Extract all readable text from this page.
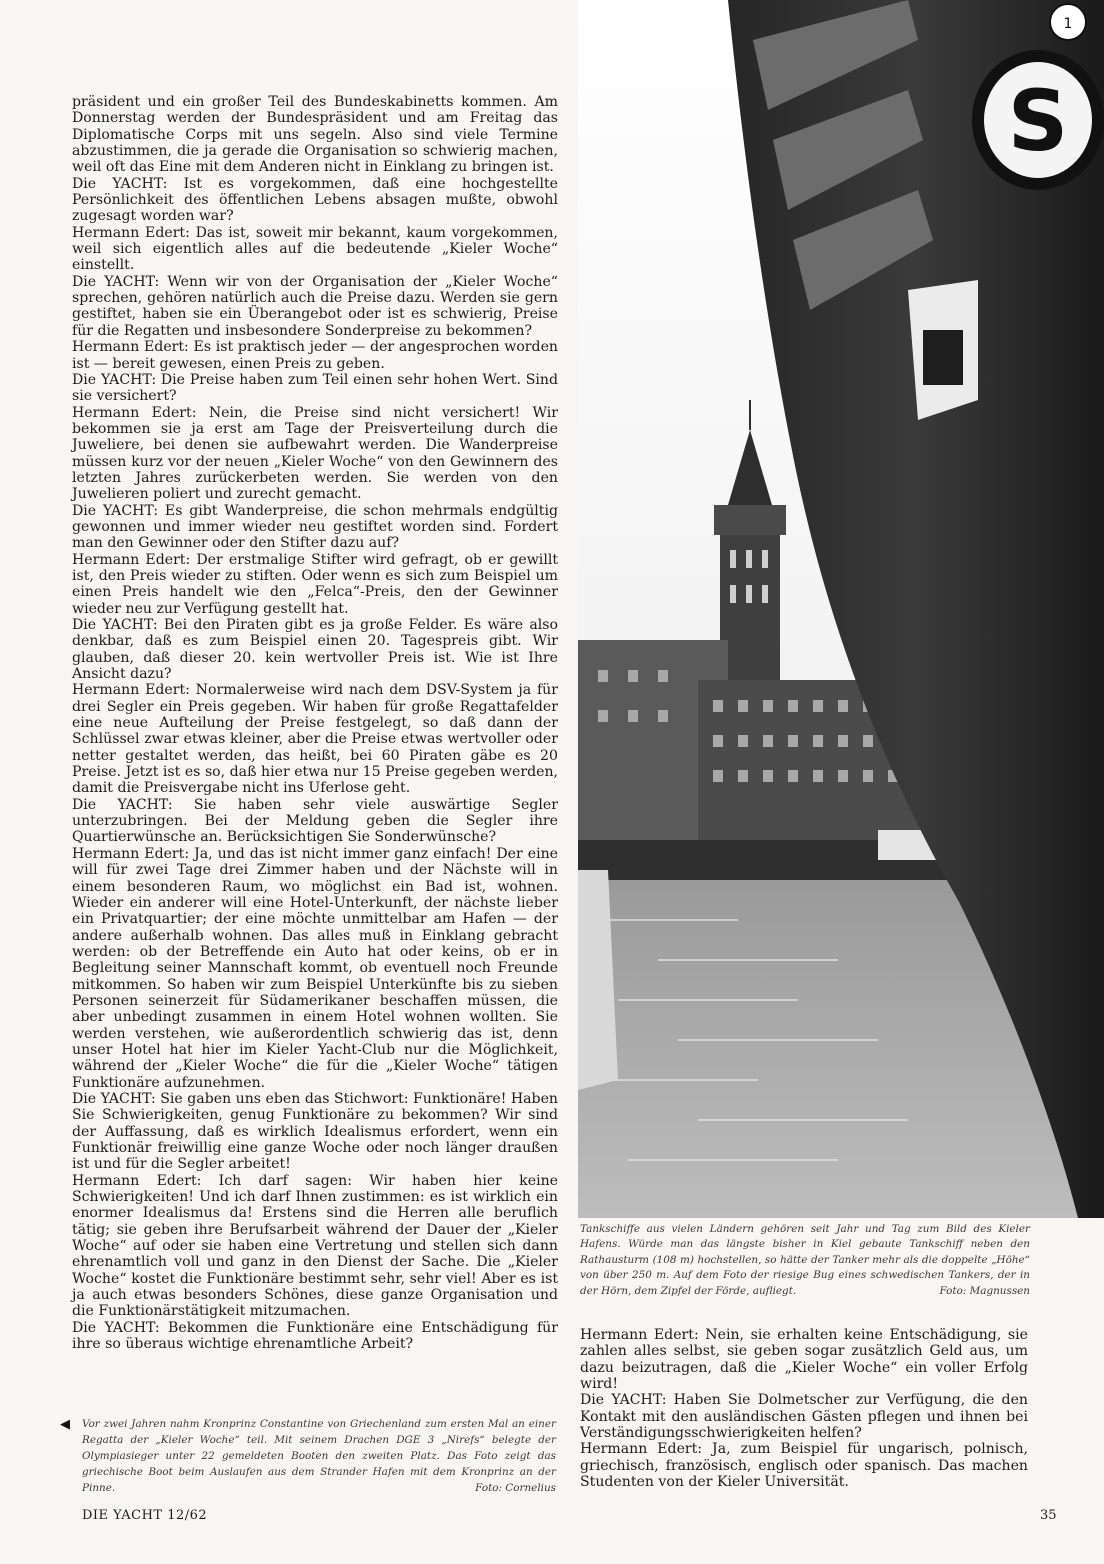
präsident und ein großer Teil des Bundeskabinetts kommen. Am Donnerstag werden der Bundespräsident und am Freitag das Diplomatische Corps mit uns segeln. Also sind viele Termine abzustimmen, die ja gerade die Organisation so schwierig machen, weil oft das Eine mit dem Anderen nicht in Einklang zu bringen ist.

Die YACHT: Ist es vorgekommen, daß eine hochgestellte Persönlichkeit des öffentlichen Lebens absagen mußte, obwohl zugesagt worden war?

Hermann Edert: Das ist, soweit mir bekannt, kaum vorgekommen, weil sich eigentlich alles auf die bedeutende „Kieler Woche“ einstellt.

Die YACHT: Wenn wir von der Organisation der „Kieler Woche“ sprechen, gehören natürlich auch die Preise dazu. Werden sie gern gestiftet, haben sie ein Überangebot oder ist es schwierig, Preise für die Regatten und insbesondere Sonderpreise zu bekommen?

Hermann Edert: Es ist praktisch jeder — der angesprochen worden ist — bereit gewesen, einen Preis zu geben.

Die YACHT: Die Preise haben zum Teil einen sehr hohen Wert. Sind sie versichert?

Hermann Edert: Nein, die Preise sind nicht versichert! Wir bekommen sie ja erst am Tage der Preisverteilung durch die Juweliere, bei denen sie aufbewahrt werden. Die Wanderpreise müssen kurz vor der neuen „Kieler Woche“ von den Gewinnern des letzten Jahres zurückerbeten werden. Sie werden von den Juwelieren poliert und zurecht gemacht.

Die YACHT: Es gibt Wanderpreise, die schon mehrmals endgültig gewonnen und immer wieder neu gestiftet worden sind. Fordert man den Gewinner oder den Stifter dazu auf?

Hermann Edert: Der erstmalige Stifter wird gefragt, ob er gewillt ist, den Preis wieder zu stiften. Oder wenn es sich zum Beispiel um einen Preis handelt wie den „Felca“-Preis, den der Gewinner wieder neu zur Verfügung gestellt hat.

Die YACHT: Bei den Piraten gibt es ja große Felder. Es wäre also denkbar, daß es zum Beispiel einen 20. Tagespreis gibt. Wir glauben, daß dieser 20. kein wertvoller Preis ist. Wie ist Ihre Ansicht dazu?

Hermann Edert: Normalerweise wird nach dem DSV-System ja für drei Segler ein Preis gegeben. Wir haben für große Regattafelder eine neue Aufteilung der Preise festgelegt, so daß dann der Schlüssel zwar etwas kleiner, aber die Preise etwas wertvoller oder netter gestaltet werden, das heißt, bei 60 Piraten gäbe es 20 Preise. Jetzt ist es so, daß hier etwa nur 15 Preise gegeben werden, damit die Preisvergabe nicht ins Uferlose geht.

Die YACHT: Sie haben sehr viele auswärtige Segler unterzubringen. Bei der Meldung geben die Segler ihre Quartierwünsche an. Berücksichtigen Sie Sonderwünsche?

Hermann Edert: Ja, und das ist nicht immer ganz einfach! Der eine will für zwei Tage drei Zimmer haben und der Nächste will in einem besonderen Raum, wo möglichst ein Bad ist, wohnen. Wieder ein anderer will eine Hotel-Unterkunft, der nächste lieber ein Privatquartier; der eine möchte unmittelbar am Hafen — der andere außerhalb wohnen. Das alles muß in Einklang gebracht werden: ob der Betreffende ein Auto hat oder keins, ob er in Begleitung seiner Mannschaft kommt, ob eventuell noch Freunde mitkommen. So haben wir zum Beispiel Unterkünfte bis zu sieben Personen seinerzeit für Südamerikaner beschaffen müssen, die aber unbedingt zusammen in einem Hotel wohnen wollten. Sie werden verstehen, wie außerordentlich schwierig das ist, denn unser Hotel hat hier im Kieler Yacht-Club nur die Möglichkeit, während der „Kieler Woche“ die für die „Kieler Woche“ tätigen Funktionäre aufzunehmen.

Die YACHT: Sie gaben uns eben das Stichwort: Funktionäre! Haben Sie Schwierigkeiten, genug Funktionäre zu bekommen? Wir sind der Auffassung, daß es wirklich Idealismus erfordert, wenn ein Funktionär freiwillig eine ganze Woche oder noch länger draußen ist und für die Segler arbeitet!

Hermann Edert: Ich darf sagen: Wir haben hier keine Schwierigkeiten! Und ich darf Ihnen zustimmen: es ist wirklich ein enormer Idealismus da! Erstens sind die Herren alle beruflich tätig; sie geben ihre Berufsarbeit während der Dauer der „Kieler Woche“ auf oder sie haben eine Vertretung und stellen sich dann ehrenamtlich voll und ganz in den Dienst der Sache. Die „Kieler Woche“ kostet die Funktionäre bestimmt sehr, sehr viel! Aber es ist ja auch etwas besonders Schönes, diese ganze Organisation und die Funktionärstätigkeit mitzumachen.

Die YACHT: Bekommen die Funktionäre eine Entschädigung für ihre so überaus wichtige ehrenamtliche Arbeit?

◀ Vor zwei Jahren nahm Kronprinz Constantine von Griechenland zum ersten Mal an einer Regatta der „Kieler Woche“ teil. Mit seinem Drachen DGE 3 „Nirefs“ belegte der Olympiasieger unter 22 gemeldeten Booten den zweiten Platz. Das Foto zeigt das griechische Boot beim Auslaufen aus dem Strander Hafen mit dem Kronprinz an der Pinne.	Foto: Cornelius
S
1
Tankschiffe aus vielen Ländern gehören seit Jahr und Tag zum Bild des Kieler Hafens. Würde man das längste bisher in Kiel gebaute Tankschiff neben den Rathausturm (108 m) hochstellen, so hätte der Tanker mehr als die doppelte „Höhe“ von über 250 m. Auf dem Foto der riesige Bug eines schwedischen Tankers, der in der Hörn, dem Zipfel der Förde, aufliegt.	Foto: Magnussen

Hermann Edert: Nein, sie erhalten keine Entschädigung, sie zahlen alles selbst, sie geben sogar zusätzlich Geld aus, um dazu beizutragen, daß die „Kieler Woche“ ein voller Erfolg wird!

Die YACHT: Haben Sie Dolmetscher zur Verfügung, die den Kontakt mit den ausländischen Gästen pflegen und ihnen bei Verständigungsschwierigkeiten helfen?

Hermann Edert: Ja, zum Beispiel für ungarisch, polnisch, griechisch, französisch, englisch oder spanisch. Das machen Studenten von der Kieler Universität.

DIE YACHT 12/62	35
